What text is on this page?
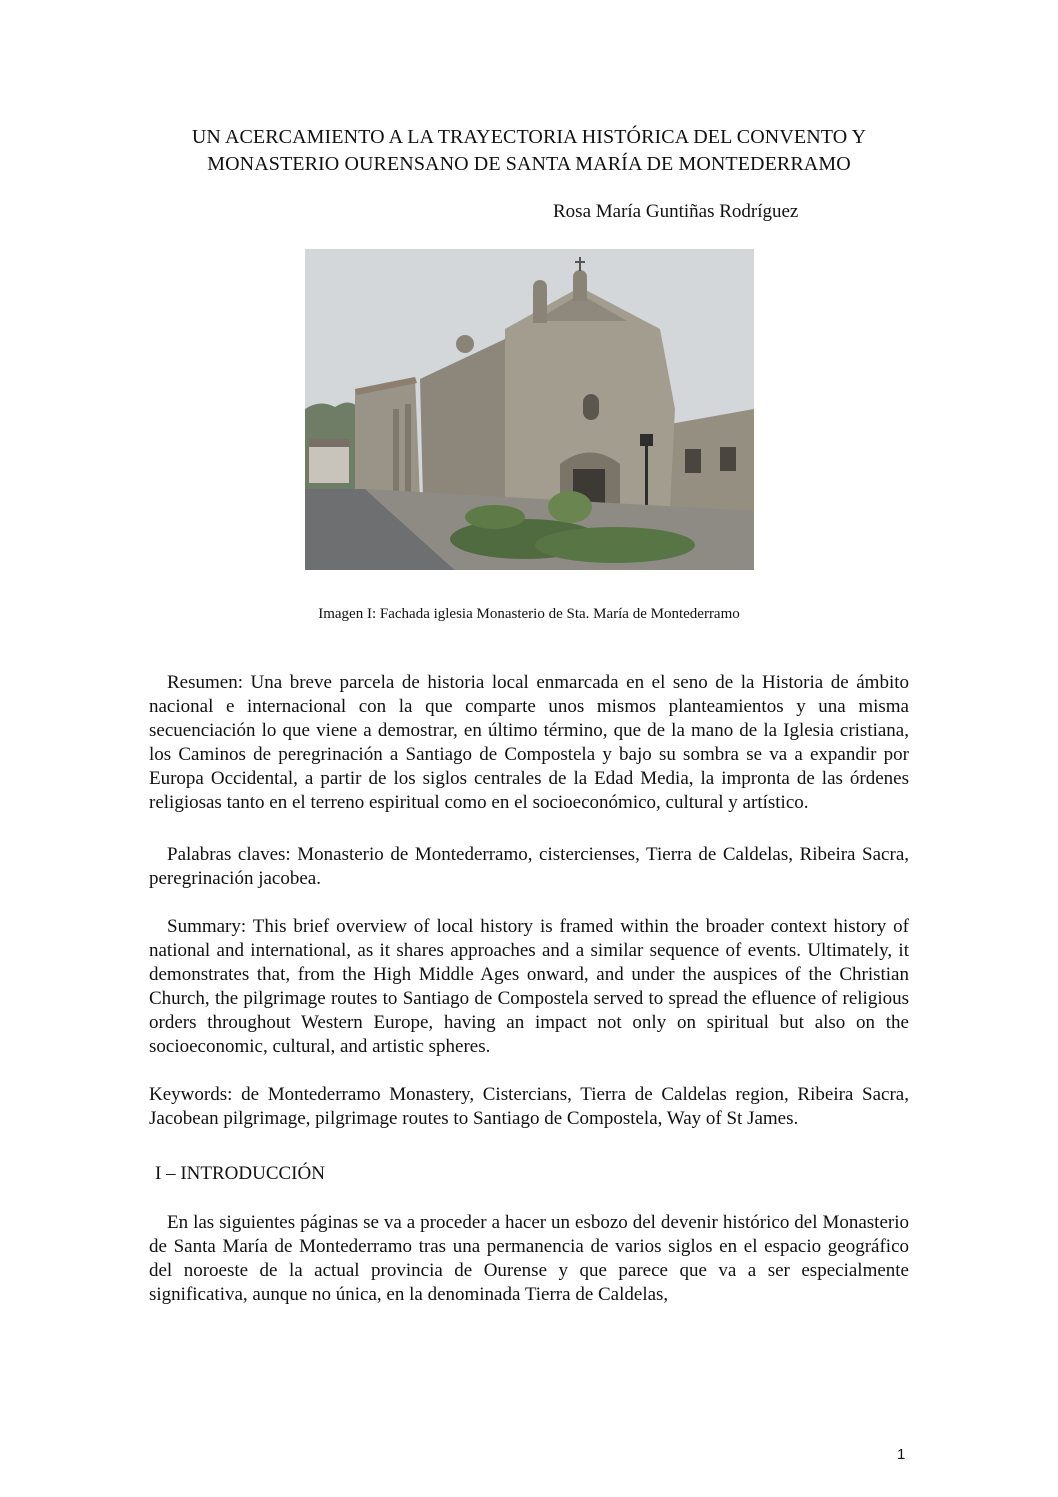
UN ACERCAMIENTO A LA TRAYECTORIA HISTÓRICA DEL CONVENTO Y
MONASTERIO OURENSANO DE SANTA MARÍA DE MONTEDERRAMO
Rosa María Guntiñas Rodríguez
Imagen I: Fachada iglesia Monasterio de Sta. María de Montederramo

Resumen: Una breve parcela de historia local enmarcada en el seno de la Historia de ámbito nacional e internacional con la que comparte unos mismos planteamientos y una misma secuenciación lo que viene a demostrar, en último término, que de la mano de la Iglesia cristiana, los Caminos de peregrinación a Santiago de Compostela y bajo su sombra se va a expandir por Europa Occidental, a partir de los siglos centrales de la Edad Media, la impronta de las órdenes religiosas tanto en el terreno espiritual como en el socioeconómico, cultural y artístico.

Palabras claves: Monasterio de Montederramo, cistercienses, Tierra de Caldelas, Ribeira Sacra, peregrinación jacobea.

Summary: This brief overview of local history is framed within the broader context history of national and international, as it shares approaches and a similar sequence of events. Ultimately, it demonstrates that, from the High Middle Ages onward, and under the auspices of the Christian Church, the pilgrimage routes to Santiago de Compostela served to spread the efluence of religious orders throughout Western Europe, having an impact not only on spiritual but also on the socioeconomic, cultural, and artistic spheres.

Keywords: de Montederramo Monastery, Cistercians, Tierra de Caldelas region, Ribeira Sacra, Jacobean pilgrimage, pilgrimage routes to Santiago de Compostela, Way of St James.

I – INTRODUCCIÓN

En las siguientes páginas se va a proceder a hacer un esbozo del devenir histórico del Monasterio de Santa María de Montederramo tras una permanencia de varios siglos en el espacio geográfico del noroeste de la actual provincia de Ourense y que parece que va a ser especialmente significativa, aunque no única, en la denominada Tierra de Caldelas,

1
